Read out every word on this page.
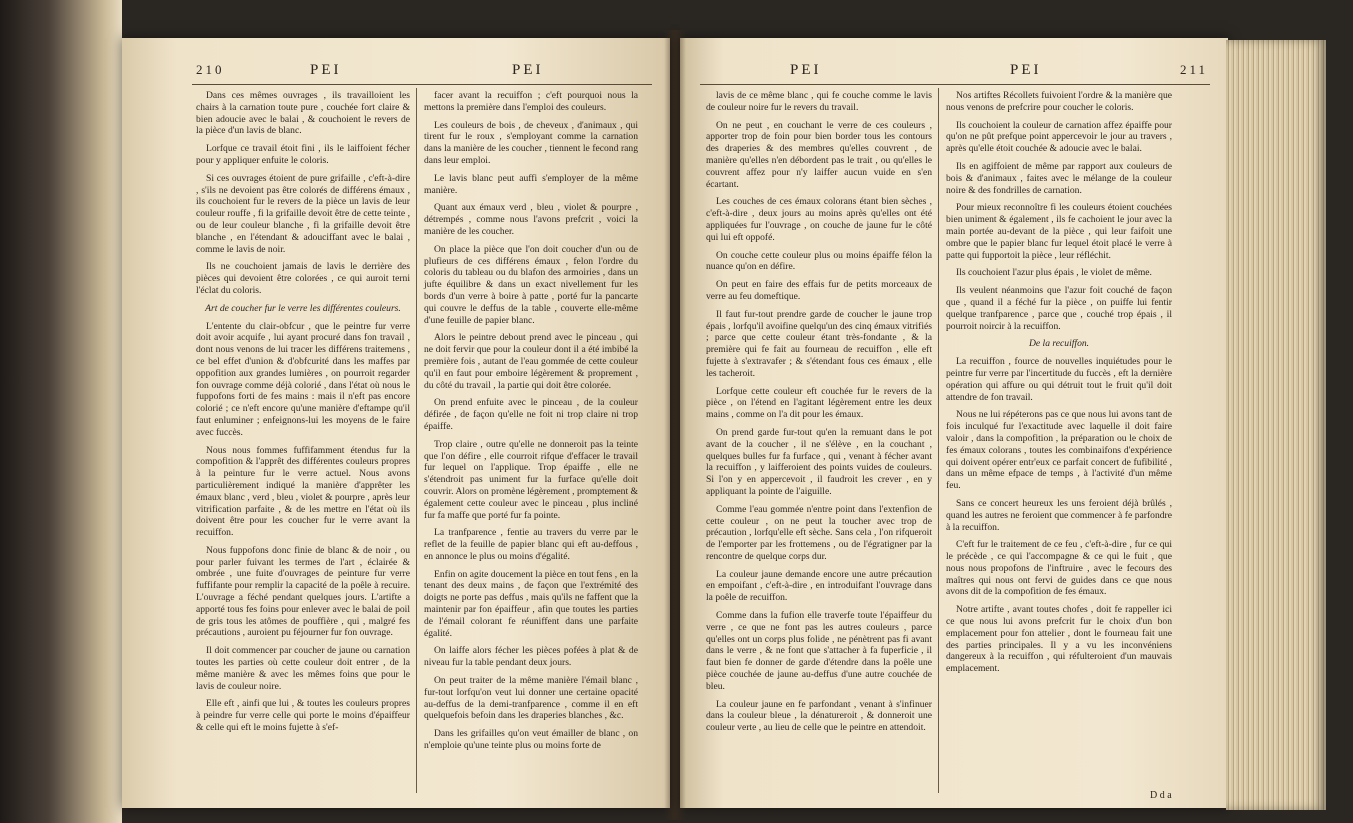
210	PEI	PEI

Dans ces mêmes ouvrages , ils travailloient les chairs à la carnation toute pure , couchée fort claire & bien adoucie avec le balai , & couchoient le revers de la pièce d'un lavis de blanc.

Lorfque ce travail étoit fini , ils le laiffoient fécher pour y appliquer enfuite le coloris.

Si ces ouvrages étoient de pure grifaille , c'eft-à-dire , s'ils ne devoient pas être colorés de différens émaux , ils couchoient fur le revers de la pièce un lavis de leur couleur rouffe , fi la grifaille devoit être de cette teinte , ou de leur couleur blanche , fi la grifaille devoit être blanche , en l'étendant & adouciffant avec le balai , comme le lavis de noir.

Ils ne couchoient jamais de lavis le derrière des pièces qui devoient être colorées , ce qui auroit terni l'éclat du coloris.

Art de coucher fur le verre les différentes couleurs.

L'entente du clair-obfcur , que le peintre fur verre doit avoir acquife , lui ayant procuré dans fon travail , dont nous venons de lui tracer les différens traitemens , ce bel effet d'union & d'obfcurité dans les maffes par oppofition aux grandes lumières , on pourroit regarder fon ouvrage comme déjà colorié , dans l'état où nous le fuppofons forti de fes mains : mais il n'eft pas encore colorié ; ce n'eft encore qu'une manière d'eftampe qu'il faut enluminer ; enfeignons-lui les moyens de le faire avec fuccès.

Nous nous fommes fuffifamment étendus fur la compofition & l'apprêt des différentes couleurs propres à la peinture fur le verre actuel. Nous avons particulièrement indiqué la manière d'apprêter les émaux blanc , verd , bleu , violet & pourpre , après leur vitrification parfaite , & de les mettre en l'état où ils doivent être pour les coucher fur le verre avant la recuiffon.

Nous fuppofons donc finie de blanc & de noir , ou pour parler fuivant les termes de l'art , éclairée & ombrée , une fuite d'ouvrages de peinture fur verre fuffifante pour remplir la capacité de la poêle à recuire. L'ouvrage a féché pendant quelques jours. L'artifte a apporté tous fes foins pour enlever avec le balai de poil de gris tous les atômes de pouffière , qui , malgré fes précautions , auroient pu féjourner fur fon ouvrage.

Il doit commencer par coucher de jaune ou carnation toutes les parties où cette couleur doit entrer , de la même manière & avec les mêmes foins que pour le lavis de couleur noire.

Elle eft , ainfi que lui , & toutes les couleurs propres à peindre fur verre celle qui porte le moins d'épaiffeur & celle qui eft le moins fujette à s'ef-

facer avant la recuiffon ; c'eft pourquoi nous la mettons la première dans l'emploi des couleurs.

Les couleurs de bois , de cheveux , d'animaux , qui tirent fur le roux , s'employant comme la carnation dans la manière de les coucher , tiennent le fecond rang dans leur emploi.

Le lavis blanc peut auffi s'employer de la même manière.

Quant aux émaux verd , bleu , violet & pourpre , détrempés , comme nous l'avons prefcrit , voici la manière de les coucher.

On place la pièce que l'on doit coucher d'un ou de plufieurs de ces différens émaux , felon l'ordre du coloris du tableau ou du blafon des armoiries , dans un jufte équilibre & dans un exact nivellement fur les bords d'un verre à boire à patte , porté fur la pancarte qui couvre le deffus de la table , couverte elle-même d'une feuille de papier blanc.

Alors le peintre debout prend avec le pinceau , qui ne doit fervir que pour la couleur dont il a été imbibé la première fois , autant de l'eau gommée de cette couleur qu'il en faut pour emboire légèrement & proprement , du côté du travail , la partie qui doit être colorée.

On prend enfuite avec le pinceau , de la couleur défirée , de façon qu'elle ne foit ni trop claire ni trop épaiffe.

Trop claire , outre qu'elle ne donneroit pas la teinte que l'on défire , elle courroit rifque d'effacer le travail fur lequel on l'applique. Trop épaiffe , elle ne s'étendroit pas uniment fur la furface qu'elle doit couvrir. Alors on promène légèrement , promptement & également cette couleur avec le pinceau , plus incliné fur fa maffe que porté fur fa pointe.

La tranfparence , fentie au travers du verre par le reflet de la feuille de papier blanc qui eft au-deffous , en annonce le plus ou moins d'égalité.

Enfin on agite doucement la pièce en tout fens , en la tenant des deux mains , de façon que l'extrémité des doigts ne porte pas deffus , mais qu'ils ne faffent que la maintenir par fon épaiffeur , afin que toutes les parties de l'émail colorant fe réuniffent dans une parfaite égalité.

On laiffe alors fécher les pièces pofées à plat & de niveau fur la table pendant deux jours.

On peut traiter de la même manière l'émail blanc , fur-tout lorfqu'on veut lui donner une certaine opacité au-deffus de la demi-tranfparence , comme il en eft quelquefois befoin dans les draperies blanches , &c.

Dans les grifailles qu'on veut émailler de blanc , on n'emploie qu'une teinte plus ou moins forte de

PEI	PEI	211

lavis de ce même blanc , qui fe couche comme le lavis de couleur noire fur le revers du travail.

On ne peut , en couchant le verre de ces couleurs , apporter trop de foin pour bien border tous les contours des draperies & des membres qu'elles couvrent , de manière qu'elles n'en débordent pas le trait , ou qu'elles le couvrent affez pour n'y laiffer aucun vuide en s'en écartant.

Les couches de ces émaux colorans étant bien sèches , c'eft-à-dire , deux jours au moins après qu'elles ont été appliquées fur l'ouvrage , on couche de jaune fur le côté qui lui eft oppofé.

On couche cette couleur plus ou moins épaiffe félon la nuance qu'on en défire.

On peut en faire des effais fur de petits morceaux de verre au feu domeftique.

Il faut fur-tout prendre garde de coucher le jaune trop épais , lorfqu'il avoifine quelqu'un des cinq émaux vitrifiés ; parce que cette couleur étant très-fondante , & la première qui fe fait au fourneau de recuiffon , elle eft fujette à s'extravafer ; & s'étendant fous ces émaux , elle les tacheroit.

Lorfque cette couleur eft couchée fur le revers de la pièce , on l'étend en l'agitant légèrement entre les deux mains , comme on l'a dit pour les émaux.

On prend garde fur-tout qu'en la remuant dans le pot avant de la coucher , il ne s'élève , en la couchant , quelques bulles fur fa furface , qui , venant à fécher avant la recuiffon , y laifferoient des points vuides de couleurs. Si l'on y en appercevoit , il faudroit les crever , en y appliquant la pointe de l'aiguille.

Comme l'eau gommée n'entre point dans l'extenfion de cette couleur , on ne peut la toucher avec trop de précaution , lorfqu'elle eft sèche. Sans cela , l'on rifqueroit de l'emporter par les frottemens , ou de l'égratigner par la rencontre de quelque corps dur.

La couleur jaune demande encore une autre précaution en empoifant , c'eft-à-dire , en introduifant l'ouvrage dans la poêle de recuiffon.

Comme dans la fufion elle traverfe toute l'épaiffeur du verre , ce que ne font pas les autres couleurs , parce qu'elles ont un corps plus folide , ne pénètrent pas fi avant dans le verre , & ne font que s'attacher à fa fuperficie , il faut bien fe donner de garde d'étendre dans la poêle une pièce couchée de jaune au-deffus d'une autre couchée de bleu.

La couleur jaune en fe parfondant , venant à s'infinuer dans la couleur bleue , la dénatureroit , & donneroit une couleur verte , au lieu de celle que le peintre en attendoit.

Nos artiftes Récollets fuivoient l'ordre & la manière que nous venons de prefcrire pour coucher le coloris.

Ils couchoient la couleur de carnation affez épaiffe pour qu'on ne pût prefque point appercevoir le jour au travers , après qu'elle étoit couchée & adoucie avec le balai.

Ils en agiffoient de même par rapport aux couleurs de bois & d'animaux , faites avec le mélange de la couleur noire & des fondrilles de carnation.

Pour mieux reconnoître fi les couleurs étoient couchées bien uniment & également , ils fe cachoient le jour avec la main portée au-devant de la pièce , qui leur faifoit une ombre que le papier blanc fur lequel étoit placé le verre à patte qui fupportoit la pièce , leur réfléchit.

Ils couchoient l'azur plus épais , le violet de même.

Ils veulent néanmoins que l'azur foit couché de façon que , quand il a féché fur la pièce , on puiffe lui fentir quelque tranfparence , parce que , couché trop épais , il pourroit noircir à la recuiffon.

De la recuiffon.

La recuiffon , fource de nouvelles inquiétudes pour le peintre fur verre par l'incertitude du fuccès , eft la dernière opération qui affure ou qui détruit tout le fruit qu'il doit attendre de fon travail.

Nous ne lui répéterons pas ce que nous lui avons tant de fois inculqué fur l'exactitude avec laquelle il doit faire valoir , dans la compofition , la préparation ou le choix de fes émaux colorans , toutes les combinaifons d'expérience qui doivent opérer entr'eux ce parfait concert de fufibilité , dans un même efpace de temps , à l'activité d'un même feu.

Sans ce concert heureux les uns feroient déjà brûlés , quand les autres ne feroient que commencer à fe parfondre à la recuiffon.

C'eft fur le traitement de ce feu , c'eft-à-dire , fur ce qui le précède , ce qui l'accompagne & ce qui le fuit , que nous nous propofons de l'inftruire , avec le fecours des maîtres qui nous ont fervi de guides dans ce que nous avons dit de la compofition de fes émaux.

Notre artifte , avant toutes chofes , doit fe rappeller ici ce que nous lui avons prefcrit fur le choix d'un bon emplacement pour fon attelier , dont le fourneau fait une des parties principales. Il y a vu les inconvéniens dangereux à la recuiffon , qui réfulteroient d'un mauvais emplacement.

D d a
